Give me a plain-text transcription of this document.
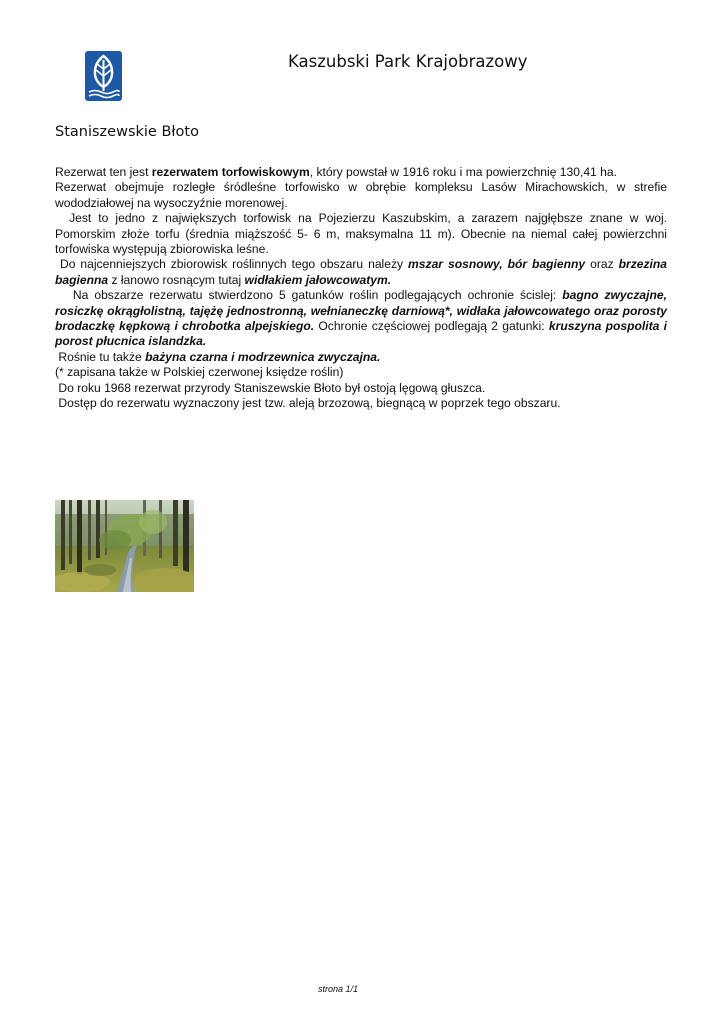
Kaszubski Park Krajobrazowy
Staniszewskie Błoto

Rezerwat ten jest rezerwatem torfowiskowym, który powstał w 1916 roku i ma powierzchnię 130,41 ha.

Rezerwat obejmuje rozległe śródleśne torfowisko w obrębie kompleksu Lasów Mirachowskich, w strefie wododziałowej na wysoczyźnie morenowej.

Jest to jedno z największych torfowisk na Pojezierzu Kaszubskim, a zarazem najgłębsze znane w woj. Pomorskim złoże torfu (średnia miąższość 5- 6 m, maksymalna 11 m). Obecnie na niemal całej powierzchni torfowiska występują zbiorowiska leśne.

Do najcenniejszych zbiorowisk roślinnych tego obszaru należy mszar sosnowy, bór bagienny oraz brzezina bagienna z łanowo rosnącym tutaj widłakiem jałowcowatym.

Na obszarze rezerwatu stwierdzono 5 gatunków roślin podlegających ochronie ścislej: bagno zwyczajne, rosiczkę okrągłolistną, tajężę jednostronną, wełnianeczkę darniową*, widłaka jałowcowatego oraz porosty brodaczkę kępkową i chrobotka alpejskiego. Ochronie częściowej podlegają 2 gatunki: kruszyna pospolita i porost płucnica islandzka.

Rośnie tu także bażyna czarna i modrzewnica zwyczajna.

(* zapisana także w Polskiej czerwonej księdze roślin)

Do roku 1968 rezerwat przyrody Staniszewskie Błoto był ostoją lęgową głuszca.

Dostęp do rezerwatu wyznaczony jest tzw. aleją brzozową, biegnącą w poprzek tego obszaru.

strona 1/1
